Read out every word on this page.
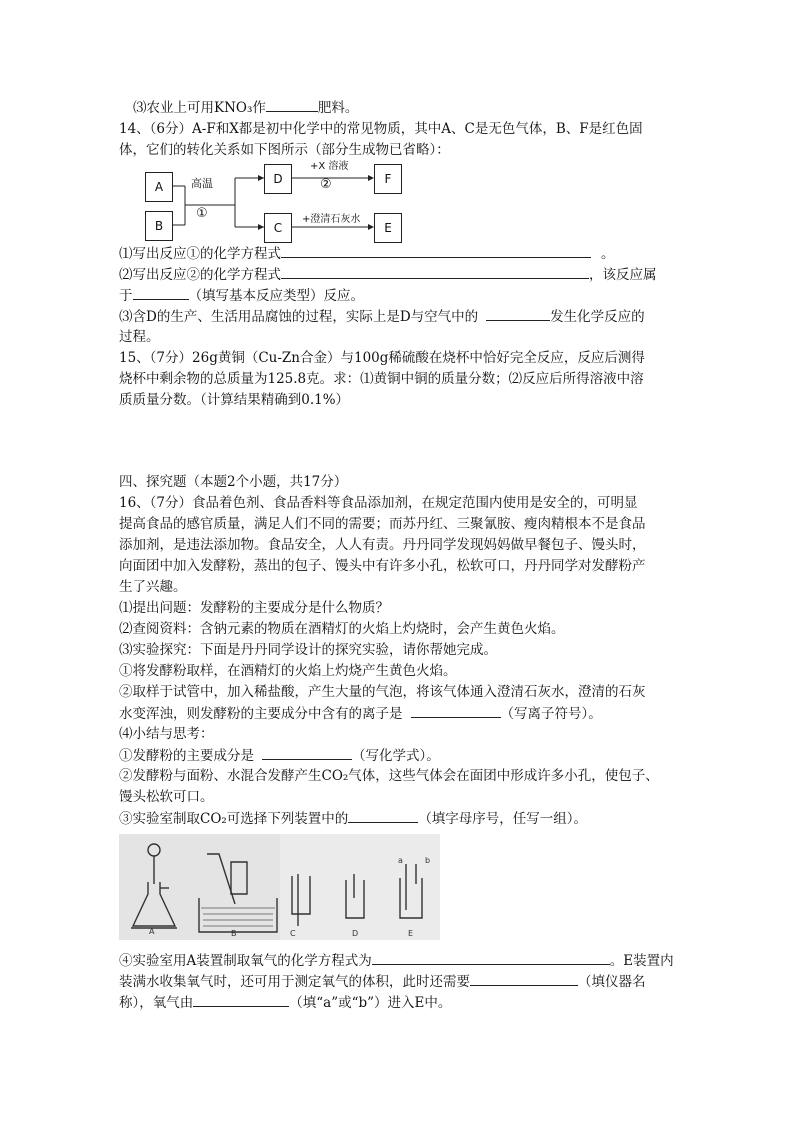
⑶农业上可用KNO₃作	肥料。
14、（6分）A-F和X都是初中化学中的常见物质，其中A、C是无色气体，B、F是红色固
体，它们的转化关系如下图所示（部分生成物已省略）：
A
B
D
C
F
E
高温
①
+X 溶液
②
+澄清石灰水
⑴写出反应①的化学方程式	。
⑵写出反应②的化学方程式	，该反应属
于	（填写基本反应类型）反应。
⑶含D的生产、生活用品腐蚀的过程，实际上是D与空气中的	发生化学反应的
过程。
15、（7分）26g黄铜（Cu-Zn合金）与100g稀硫酸在烧杯中恰好完全反应，反应后测得
烧杯中剩余物的总质量为125.8克。求：⑴黄铜中铜的质量分数；⑵反应后所得溶液中溶
质质量分数。（计算结果精确到0.1%）
四、探究题（本题2个小题，共17分）
16、（7分）食品着色剂、食品香料等食品添加剂，在规定范围内使用是安全的，可明显
提高食品的感官质量，满足人们不同的需要；而苏丹红、三聚氰胺、瘦肉精根本不是食品
添加剂，是违法添加物。食品安全，人人有责。丹丹同学发现妈妈做早餐包子、馒头时，
向面团中加入发酵粉，蒸出的包子、馒头中有许多小孔，松软可口，丹丹同学对发酵粉产
生了兴趣。
⑴提出问题：发酵粉的主要成分是什么物质？
⑵查阅资料：含钠元素的物质在酒精灯的火焰上灼烧时，会产生黄色火焰。
⑶实验探究：下面是丹丹同学设计的探究实验，请你帮她完成。
①将发酵粉取样，在酒精灯的火焰上灼烧产生黄色火焰。
②取样于试管中，加入稀盐酸，产生大量的气泡，将该气体通入澄清石灰水，澄清的石灰
水变浑浊，则发酵粉的主要成分中含有的离子是	（写离子符号）。
⑷小结与思考：
①发酵粉的主要成分是	（写化学式）。
②发酵粉与面粉、水混合发酵产生CO₂气体，这些气体会在面团中形成许多小孔，使包子、
馒头松软可口。
③实验室制取CO₂可选择下列装置中的	（填字母序号，任写一组）。
A	B	C	D	E
a	b
④实验室用A装置制取氧气的化学方程式为	。E装置内
装满水收集氧气时，还可用于测定氧气的体积，此时还需要	（填仪器名
称），氧气由	（填“a”或“b”）进入E中。
